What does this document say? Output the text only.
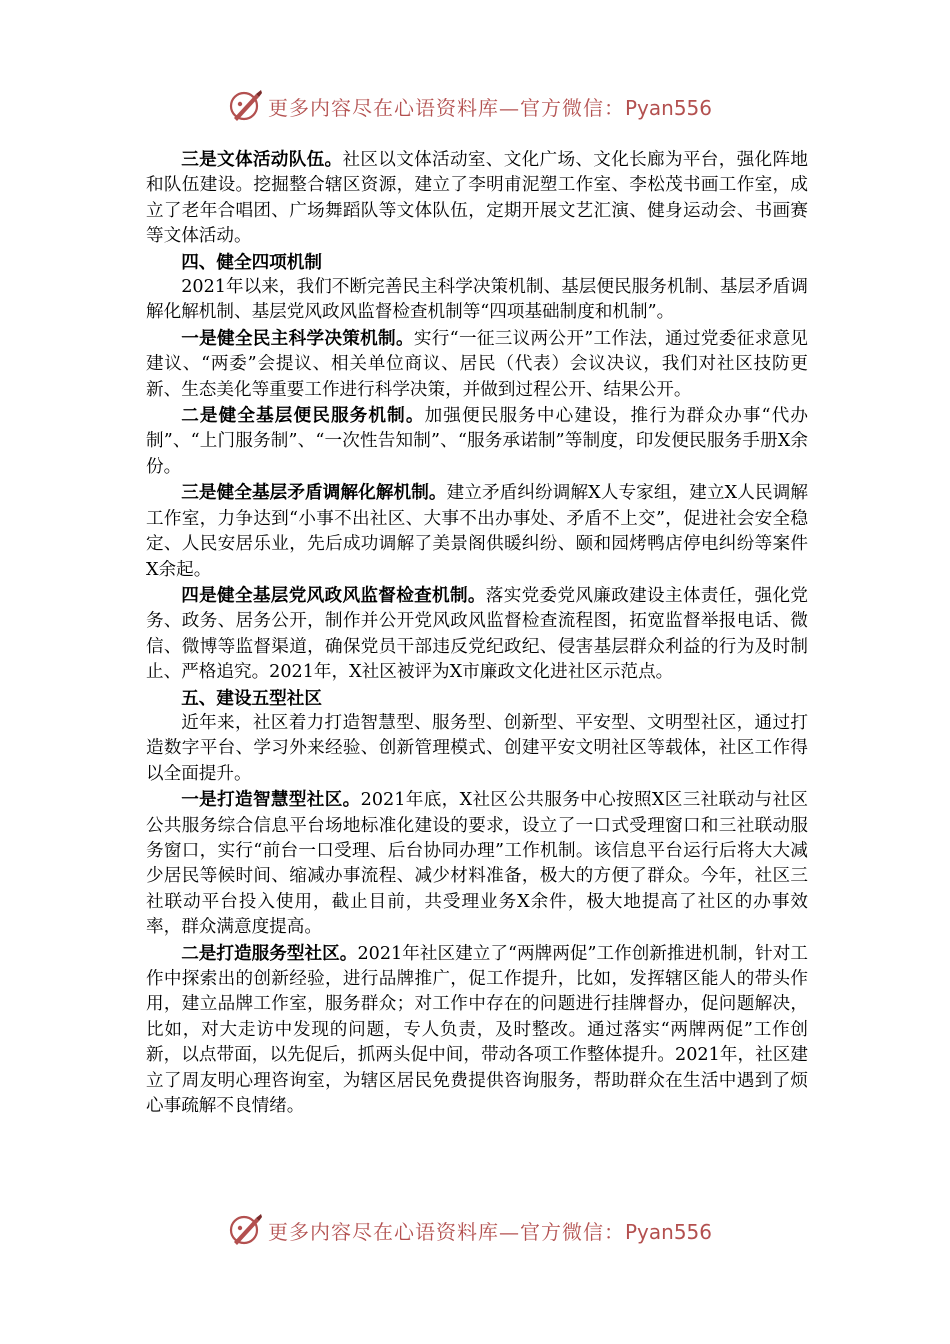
更多内容尽在心语资料库—官方微信：Pyan556

三是文体活动队伍。社区以文体活动室、文化广场、文化长廊为平台，强化阵地和队伍建设。挖掘整合辖区资源，建立了李明甫泥塑工作室、李松茂书画工作室，成立了老年合唱团、广场舞蹈队等文体队伍，定期开展文艺汇演、健身运动会、书画赛等文体活动。

四、健全四项机制

2021年以来，我们不断完善民主科学决策机制、基层便民服务机制、基层矛盾调解化解机制、基层党风政风监督检查机制等“四项基础制度和机制”。

一是健全民主科学决策机制。实行“一征三议两公开”工作法，通过党委征求意见建议、“两委”会提议、相关单位商议、居民（代表）会议决议，我们对社区技防更新、生态美化等重要工作进行科学决策，并做到过程公开、结果公开。

二是健全基层便民服务机制。加强便民服务中心建设，推行为群众办事“代办制”、“上门服务制”、“一次性告知制”、“服务承诺制”等制度，印发便民服务手册X余份。

三是健全基层矛盾调解化解机制。建立矛盾纠纷调解X人专家组，建立X人民调解工作室，力争达到“小事不出社区、大事不出办事处、矛盾不上交”，促进社会安全稳定、人民安居乐业，先后成功调解了美景阁供暖纠纷、颐和园烤鸭店停电纠纷等案件X余起。

四是健全基层党风政风监督检查机制。落实党委党风廉政建设主体责任，强化党务、政务、居务公开，制作并公开党风政风监督检查流程图，拓宽监督举报电话、微信、微博等监督渠道，确保党员干部违反党纪政纪、侵害基层群众利益的行为及时制止、严格追究。2021年，X社区被评为X市廉政文化进社区示范点。

五、建设五型社区

近年来，社区着力打造智慧型、服务型、创新型、平安型、文明型社区，通过打造数字平台、学习外来经验、创新管理模式、创建平安文明社区等载体，社区工作得以全面提升。

一是打造智慧型社区。2021年底，X社区公共服务中心按照X区三社联动与社区公共服务综合信息平台场地标准化建设的要求，设立了一口式受理窗口和三社联动服务窗口，实行“前台一口受理、后台协同办理”工作机制。该信息平台运行后将大大减少居民等候时间、缩减办事流程、减少材料准备，极大的方便了群众。今年，社区三社联动平台投入使用，截止目前，共受理业务X余件，极大地提高了社区的办事效率，群众满意度提高。

二是打造服务型社区。2021年社区建立了“两牌两促”工作创新推进机制，针对工作中探索出的创新经验，进行品牌推广，促工作提升，比如，发挥辖区能人的带头作用，建立品牌工作室，服务群众；对工作中存在的问题进行挂牌督办，促问题解决，比如，对大走访中发现的问题，专人负责，及时整改。通过落实“两牌两促”工作创新，以点带面，以先促后，抓两头促中间，带动各项工作整体提升。2021年，社区建立了周友明心理咨询室，为辖区居民免费提供咨询服务，帮助群众在生活中遇到了烦心事疏解不良情绪。

更多内容尽在心语资料库—官方微信：Pyan556
